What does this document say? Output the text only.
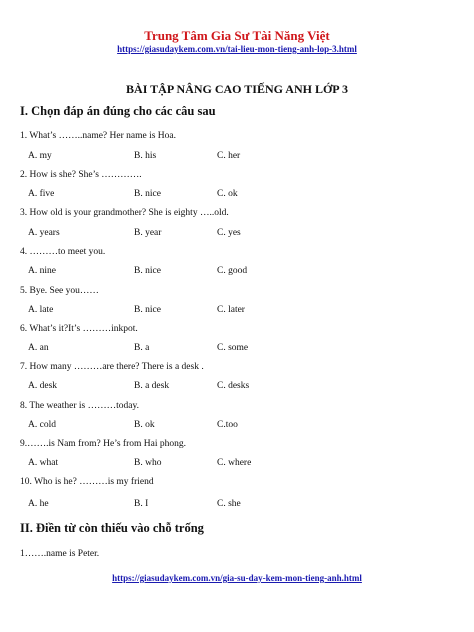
Trung Tâm Gia Sư Tài Năng Việt
https://giasudaykem.com.vn/tai-lieu-mon-tieng-anh-lop-3.html
BÀI TẬP NÂNG CAO TIẾNG ANH LỚP 3
I. Chọn đáp án đúng cho các câu sau
1. What’s ……..name? Her name is Hoa.
A. my	B. his	C. her
2. How is she? She’s ………….
A. five	B. nice	C. ok
3. How old is your grandmother? She is eighty …..old.
A. years	B. year	C. yes
4. ………to meet you.
A. nine	B. nice	C. good
5. Bye. See you……
A. late	B. nice	C. later
6. What’s it?It’s ………inkpot.
A. an	B. a	C. some
7. How many ………are there? There is a desk .
A. desk	B. a desk	C. desks
8. The weather is ………today.
A. cold	B. ok	C.too
9.…….is Nam from? He’s from Hai phong.
A. what	B. who	C. where
10. Who is he? ………is my friend
A. he	B. I	C. she
II. Điền từ còn thiếu vào chỗ trống
1…….name is Peter.
https://giasudaykem.com.vn/gia-su-day-kem-mon-tieng-anh.html
